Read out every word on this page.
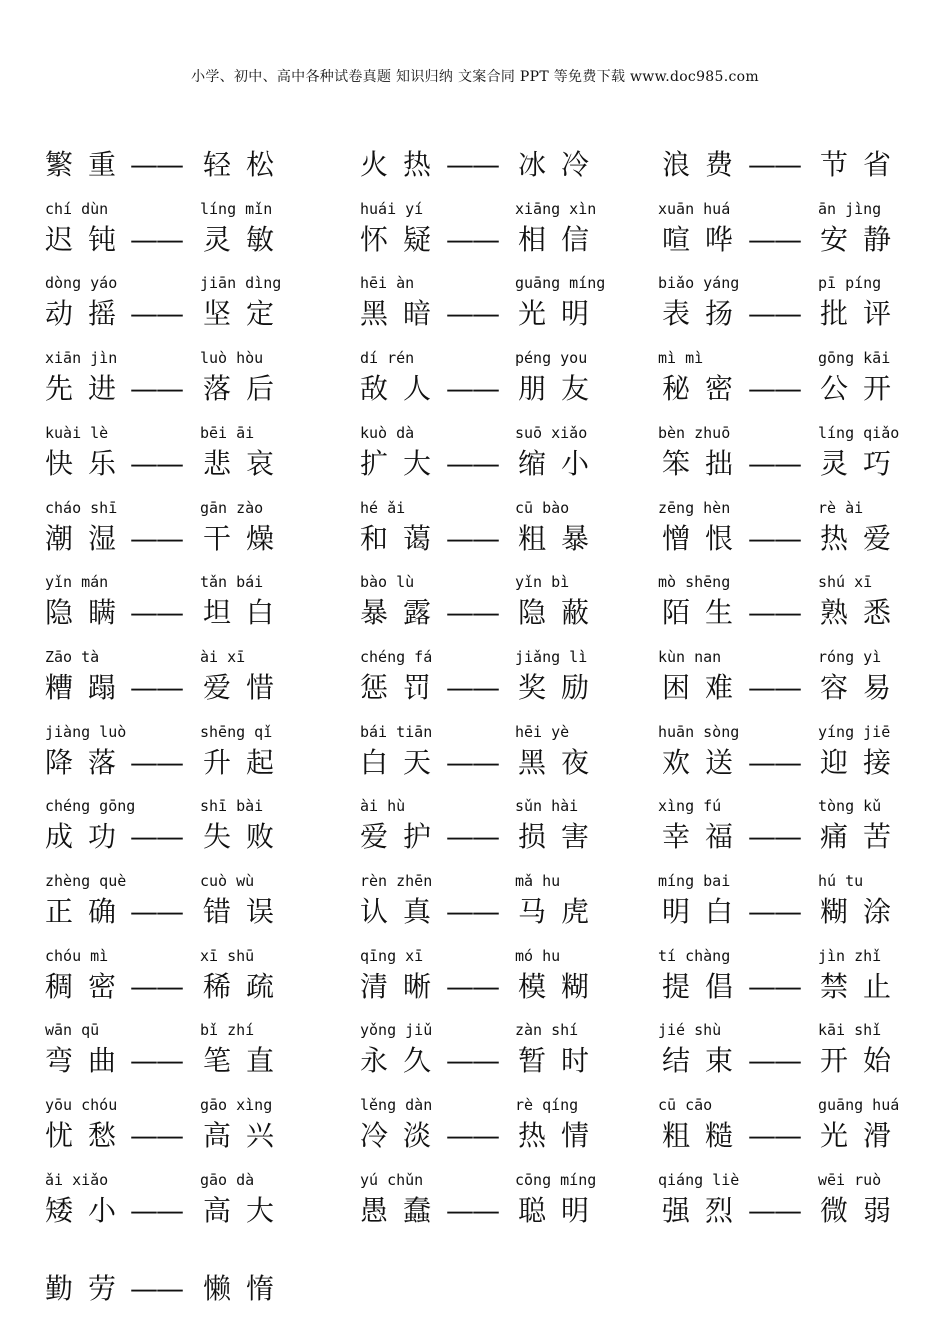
小学、初中、高中各种试卷真题 知识归纳 文案合同 PPT 等免费下载 www.doc985.com
繁重
—— 轻松	火热 —— 冰冷 浪费 —— 节省
chí dùn
迟钝
——
líng mǐn
灵敏
huái yí
怀疑 ——
xiāng xìn
相信
xuān huá
喧哗 ——
ān jìng
安静
dòng yáo
动摇
——
jiān dìng
坚定
hēi àn
黑暗 ——
guāng míng
光明
biǎo yáng
表扬 ——
pī píng
批评
xiān jìn
先进
——
luò hòu
落后
dí rén
敌人 ——
péng you
朋友
mì mì
秘密 ——
gōng kāi
公开
kuài lè
快乐
——
bēi āi
悲哀
kuò dà
扩大 ——
suō xiǎo
缩小
bèn zhuō
笨拙 ——
líng qiǎo
灵巧
cháo shī
潮湿
——
gān zào
干燥
hé ǎi
和蔼 ——
cū bào
粗暴
zēng hèn
憎恨 ——
rè ài
热爱
yǐn mán
隐瞒
——
tǎn bái
坦白
bào lù
暴露 ——
yǐn bì
隐蔽
mò shēng
陌生 ——
shú xī
熟悉
Zāo tà
糟蹋
——
ài xī
爱惜
chéng fá
惩罚 ——
jiǎng lì
奖励
kùn nan
困难 ——
róng yì
容易
jiàng luò
降落
——
shēng qǐ
升起
bái tiān
白天 ——
hēi yè
黑夜
huān sòng
欢送 ——
yíng jiē
迎接
chéng gōng
成功
——
shī bài
失败
ài hù
爱护 ——
sǔn hài
损害
xìng fú
幸福 ——
tòng kǔ
痛苦
zhèng què
正确
——
cuò wù
错误
rèn zhēn
认真 ——
mǎ hu
马虎
míng bai
明白 ——
hú tu
糊涂
chóu mì
稠密
——
xī shū
稀疏
qīng xī
清晰 ——
mó hu
模糊
tí chàng
提倡 ——
jìn zhǐ
禁止
wān qū
弯曲
——
bǐ zhí
笔直
yǒng jiǔ
永久 ——
zàn shí
暂时
jié shù
结束 ——
kāi shǐ
开始
yōu chóu
忧愁
——
gāo xìng
高兴
lěng dàn
冷淡 ——
rè qíng
热情
cū cāo
粗糙 ——
guāng huá
光滑
ǎi xiǎo
矮小
——
gāo dà
高大
yú chǔn
愚蠢 ——
cōng míng
聪明
qiáng liè
强烈 ——
wēi ruò
微弱
勤劳
—— 懒惰
